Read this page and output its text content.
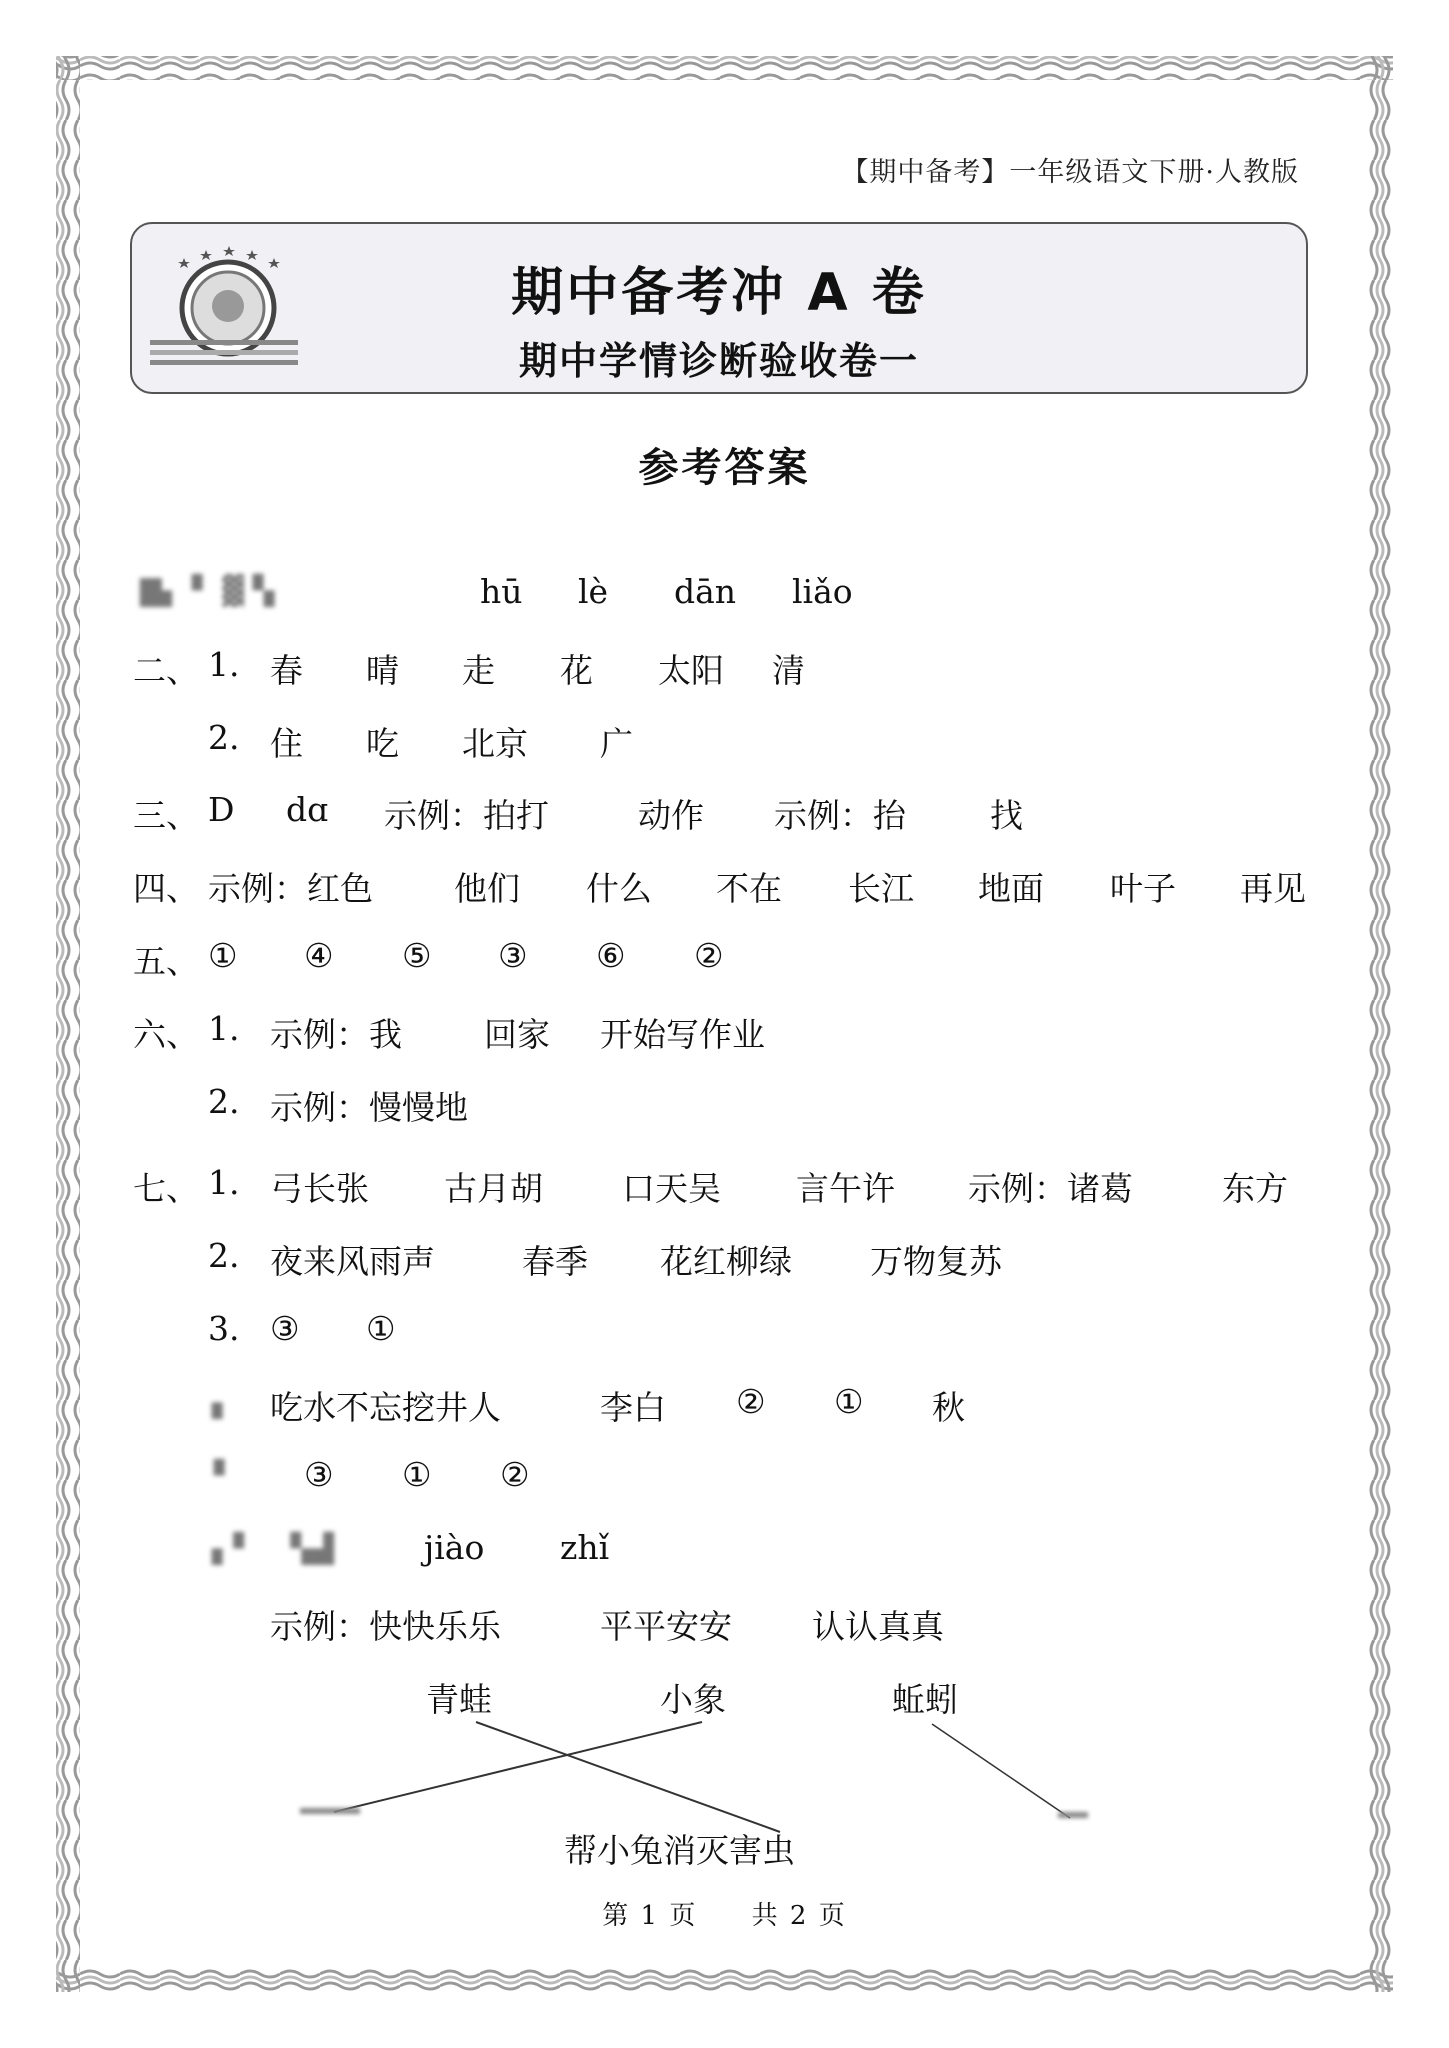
【期中备考】一年级语文下册·人教版
期中备考冲 A 卷
期中学情诊断验收卷一
参考答案
▇▖ ▘ ▓ ▚	hū lè dān liǎo
二、 1. 春 晴 走 花 太阳 清
2. 住 吃 北京 广
三、 D dɑ 示例：拍打	动作 示例：抬	找
四、 示例：红色 他们 什么 不在 长江 地面 叶子 再见
五、 ① ④ ⑤ ③ ⑥ ②
六、 1. 示例：我 回家 开始写作业
2. 示例：慢慢地
七、 1. 弓长张 古月胡 口天吴 言午许 示例：诸葛	东方
2. 夜来风雨声	春季 花红柳绿 万物复苏
3. ③ ①
▖ 吃水不忘挖井人	李白 ② ① 秋
▘ ③ ① ②
▖▘    ▚▟	jiào zhǐ
示例：快快乐乐	平平安安 认认真真
青蛙	小象	蚯蚓
帮小兔消灭害虫
第 1 页 共 2 页
